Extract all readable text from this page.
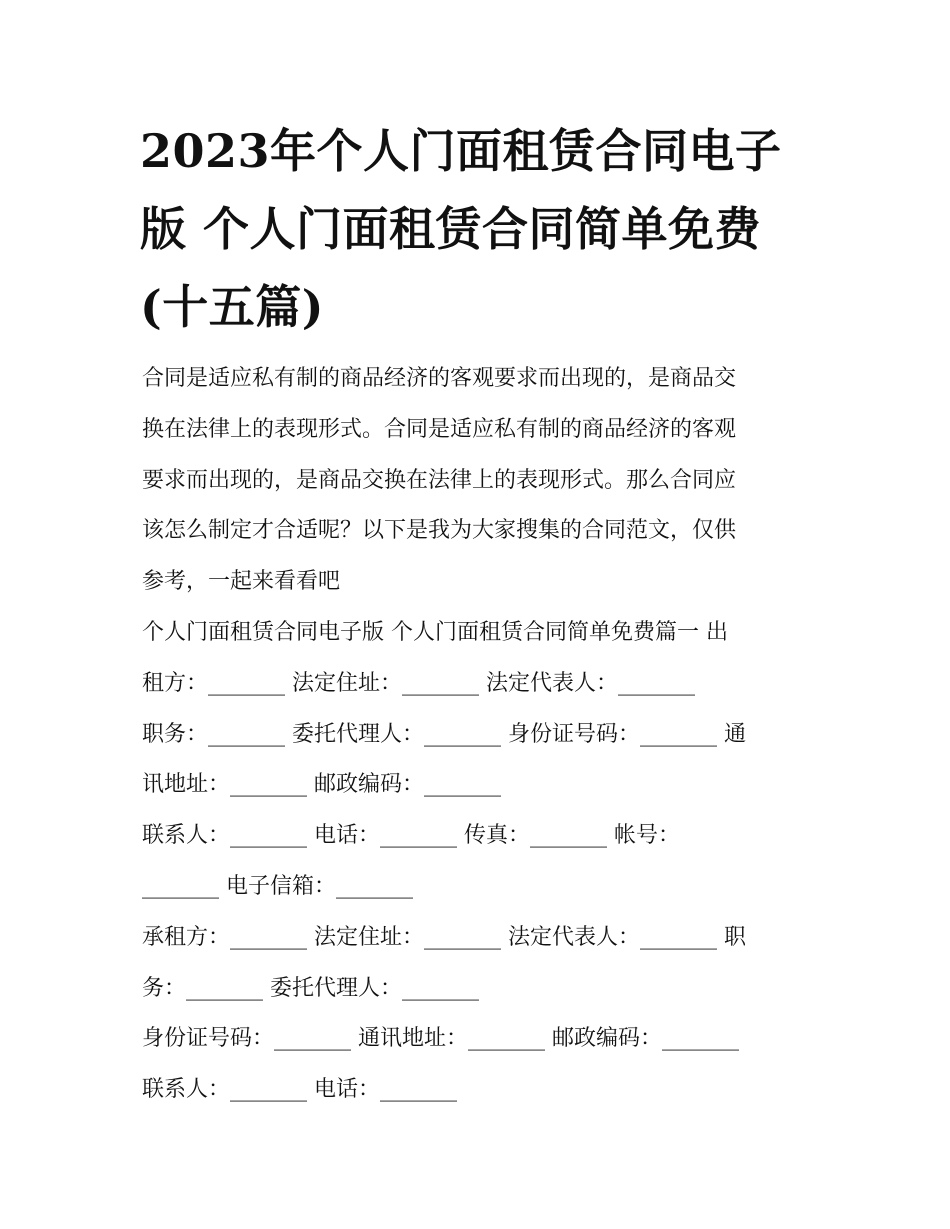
2023年个人门面租赁合同电子
版 个人门面租赁合同简单免费
(十五篇)
合同是适应私有制的商品经济的客观要求而出现的，是商品交
换在法律上的表现形式。合同是适应私有制的商品经济的客观
要求而出现的，是商品交换在法律上的表现形式。那么合同应
该怎么制定才合适呢？以下是我为大家搜集的合同范文，仅供
参考，一起来看看吧
个人门面租赁合同电子版 个人门面租赁合同简单免费篇一 出
租方：_______ 法定住址：_______ 法定代表人：_______
职务：_______ 委托代理人：_______ 身份证号码：_______ 通
讯地址：_______ 邮政编码：_______
联系人：_______ 电话：_______ 传真：_______ 帐号：
_______ 电子信箱：_______
承租方：_______ 法定住址：_______ 法定代表人：_______ 职
务：_______ 委托代理人：_______
身份证号码：_______ 通讯地址：_______ 邮政编码：_______
联系人：_______ 电话：_______
